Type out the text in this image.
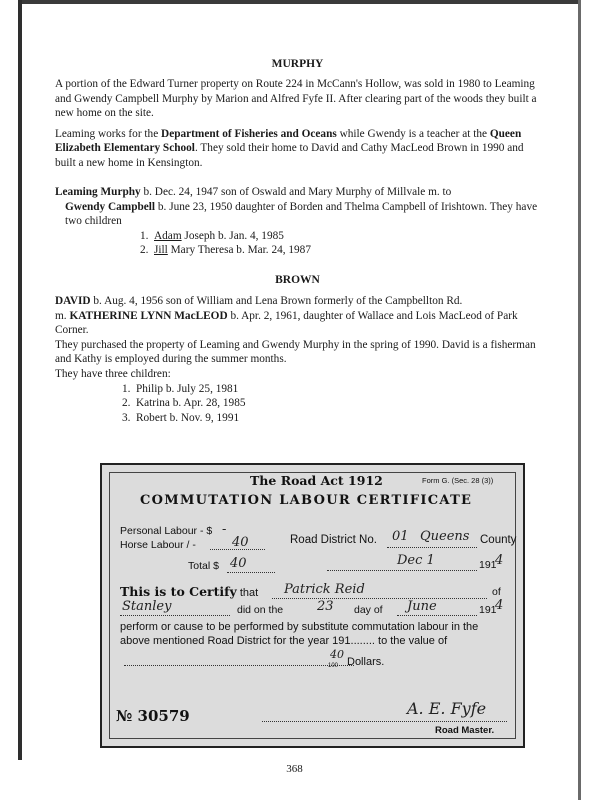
MURPHY

A portion of the Edward Turner property on Route 224 in McCann's Hollow, was sold in 1980 to Leaming and Gwendy Campbell Murphy by Marion and Alfred Fyfe II. After clearing part of the woods they built a new home on the site.

Leaming works for the Department of Fisheries and Oceans while Gwendy is a teacher at the Queen Elizabeth Elementary School. They sold their home to David and Cathy MacLeod Brown in 1990 and built a new home in Kensington.

Leaming Murphy b. Dec. 24, 1947 son of Oswald and Mary Murphy of Millvale m. to

Gwendy Campbell b. June 23, 1950 daughter of Borden and Thelma Campbell of Irishtown. They have two children

1. Adam Joseph b. Jan. 4, 1985
2. Jill Mary Theresa b. Mar. 24, 1987
BROWN

DAVID b. Aug. 4, 1956 son of William and Lena Brown formerly of the Campbellton Rd.

m. KATHERINE LYNN MacLEOD b. Apr. 2, 1961, daughter of Wallace and Lois MacLeod of Park Corner.

They purchased the property of Leaming and Gwendy Murphy in the spring of 1990. David is a fisherman and Kathy is employed during the summer months.

They have three children:

1. Philip b. July 25, 1981
2. Katrina b. Apr. 28, 1985
3. Robert b. Nov. 9, 1991
The Road Act 1912	Form G. (Sec. 28 (3))
COMMUTATION LABOUR CERTIFICATE
Personal Labour - $ -
Horse Labour / -	40	Road District No. 01 Queens County
Total $ 40	Dec 1	191
4
This is to Certify that	Patrick Reid	of
Stanley	did on the	23 day of June	191
4
perform or cause to be performed by substitute commutation labour in the
above mentioned Road District for the year 191........ to the value of
40
100 Dollars.
№ 30579	A. E. Fyfe
Road Master.
368
